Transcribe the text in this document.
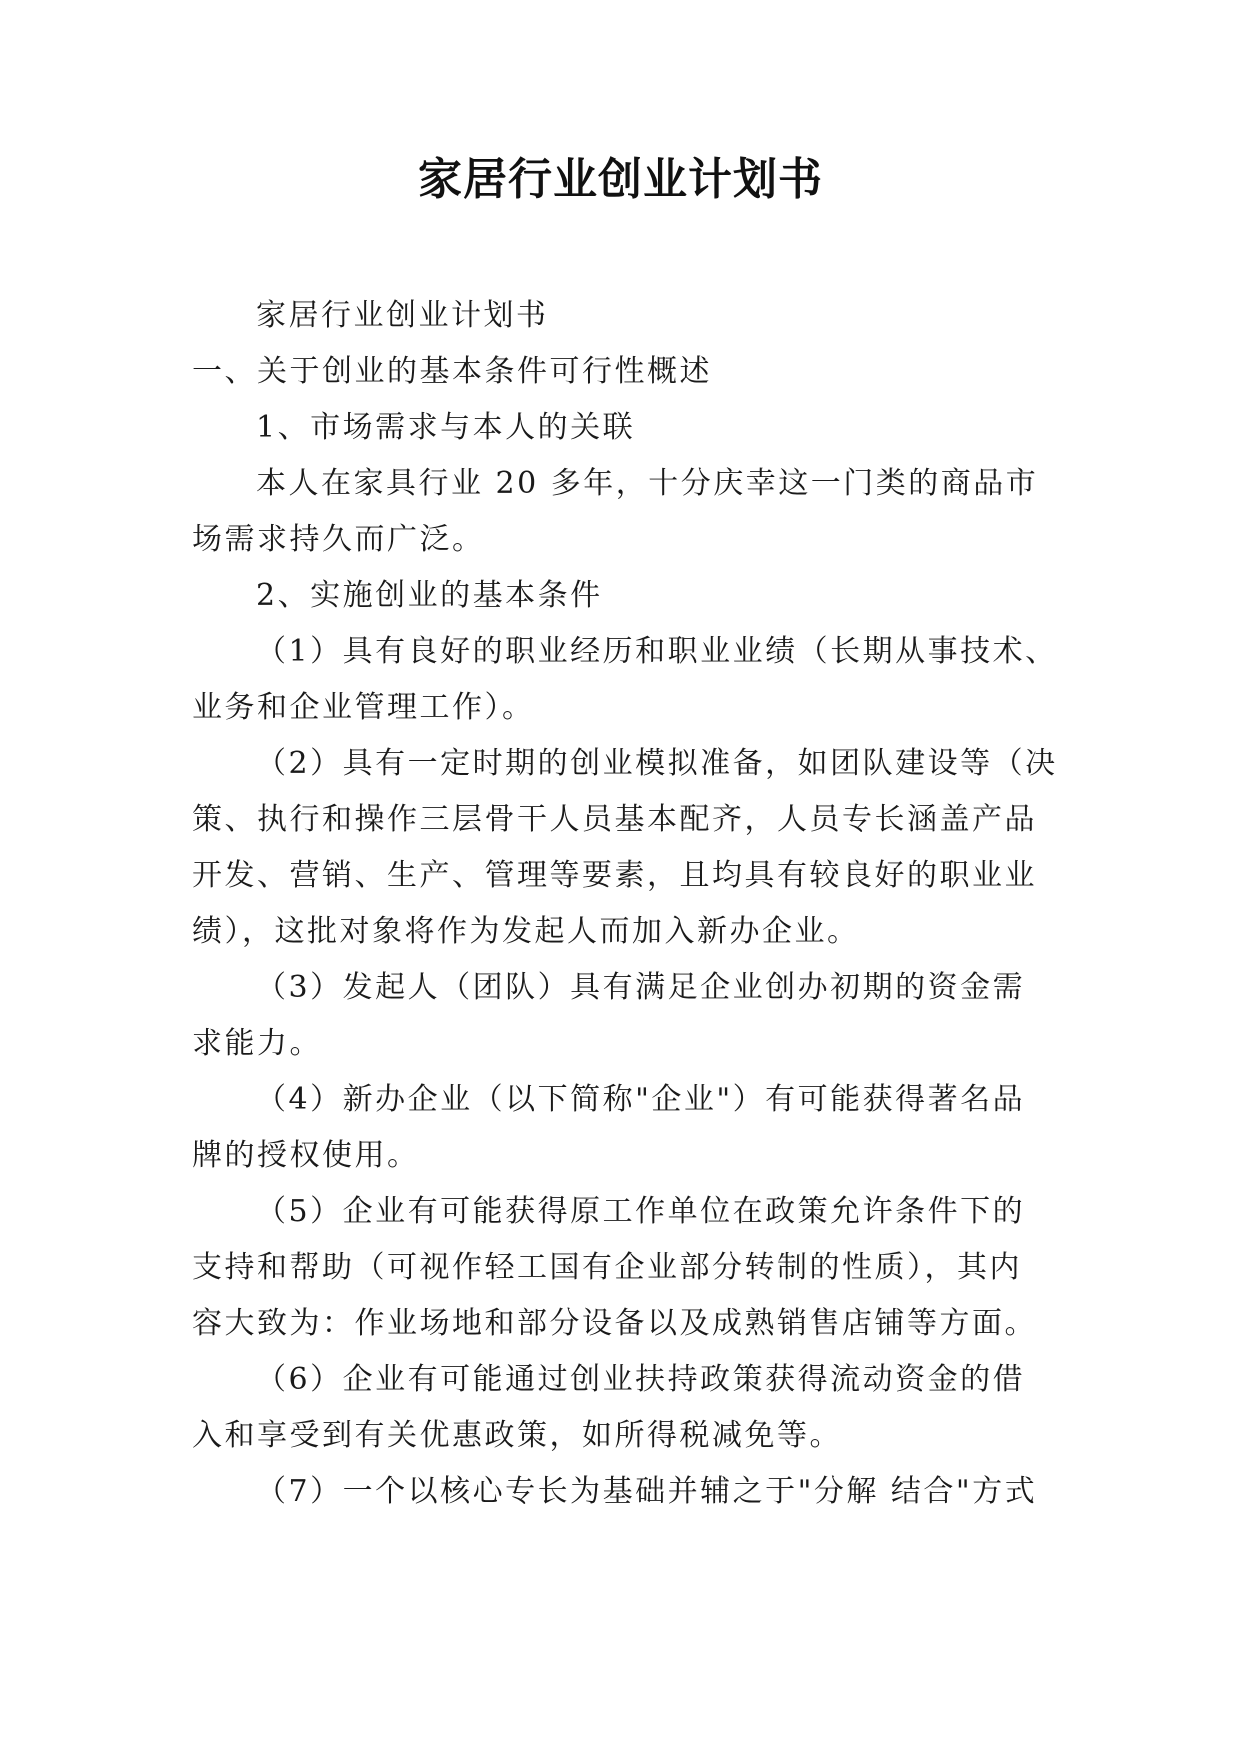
家居行业创业计划书
家居行业创业计划书
一、关于创业的基本条件可行性概述
1、市场需求与本人的关联
本人在家具行业 20 多年，十分庆幸这一门类的商品市
场需求持久而广泛。
2、实施创业的基本条件
（1）具有良好的职业经历和职业业绩（长期从事技术、
业务和企业管理工作）。
（2）具有一定时期的创业模拟准备，如团队建设等（决
策、执行和操作三层骨干人员基本配齐，人员专长涵盖产品
开发、营销、生产、管理等要素，且均具有较良好的职业业
绩），这批对象将作为发起人而加入新办企业。
（3）发起人（团队）具有满足企业创办初期的资金需
求能力。
（4）新办企业（以下简称"企业"）有可能获得著名品
牌的授权使用。
（5）企业有可能获得原工作单位在政策允许条件下的
支持和帮助（可视作轻工国有企业部分转制的性质），其内
容大致为：作业场地和部分设备以及成熟销售店铺等方面。
（6）企业有可能通过创业扶持政策获得流动资金的借
入和享受到有关优惠政策，如所得税减免等。
（7）一个以核心专长为基础并辅之于"分解 结合"方式
